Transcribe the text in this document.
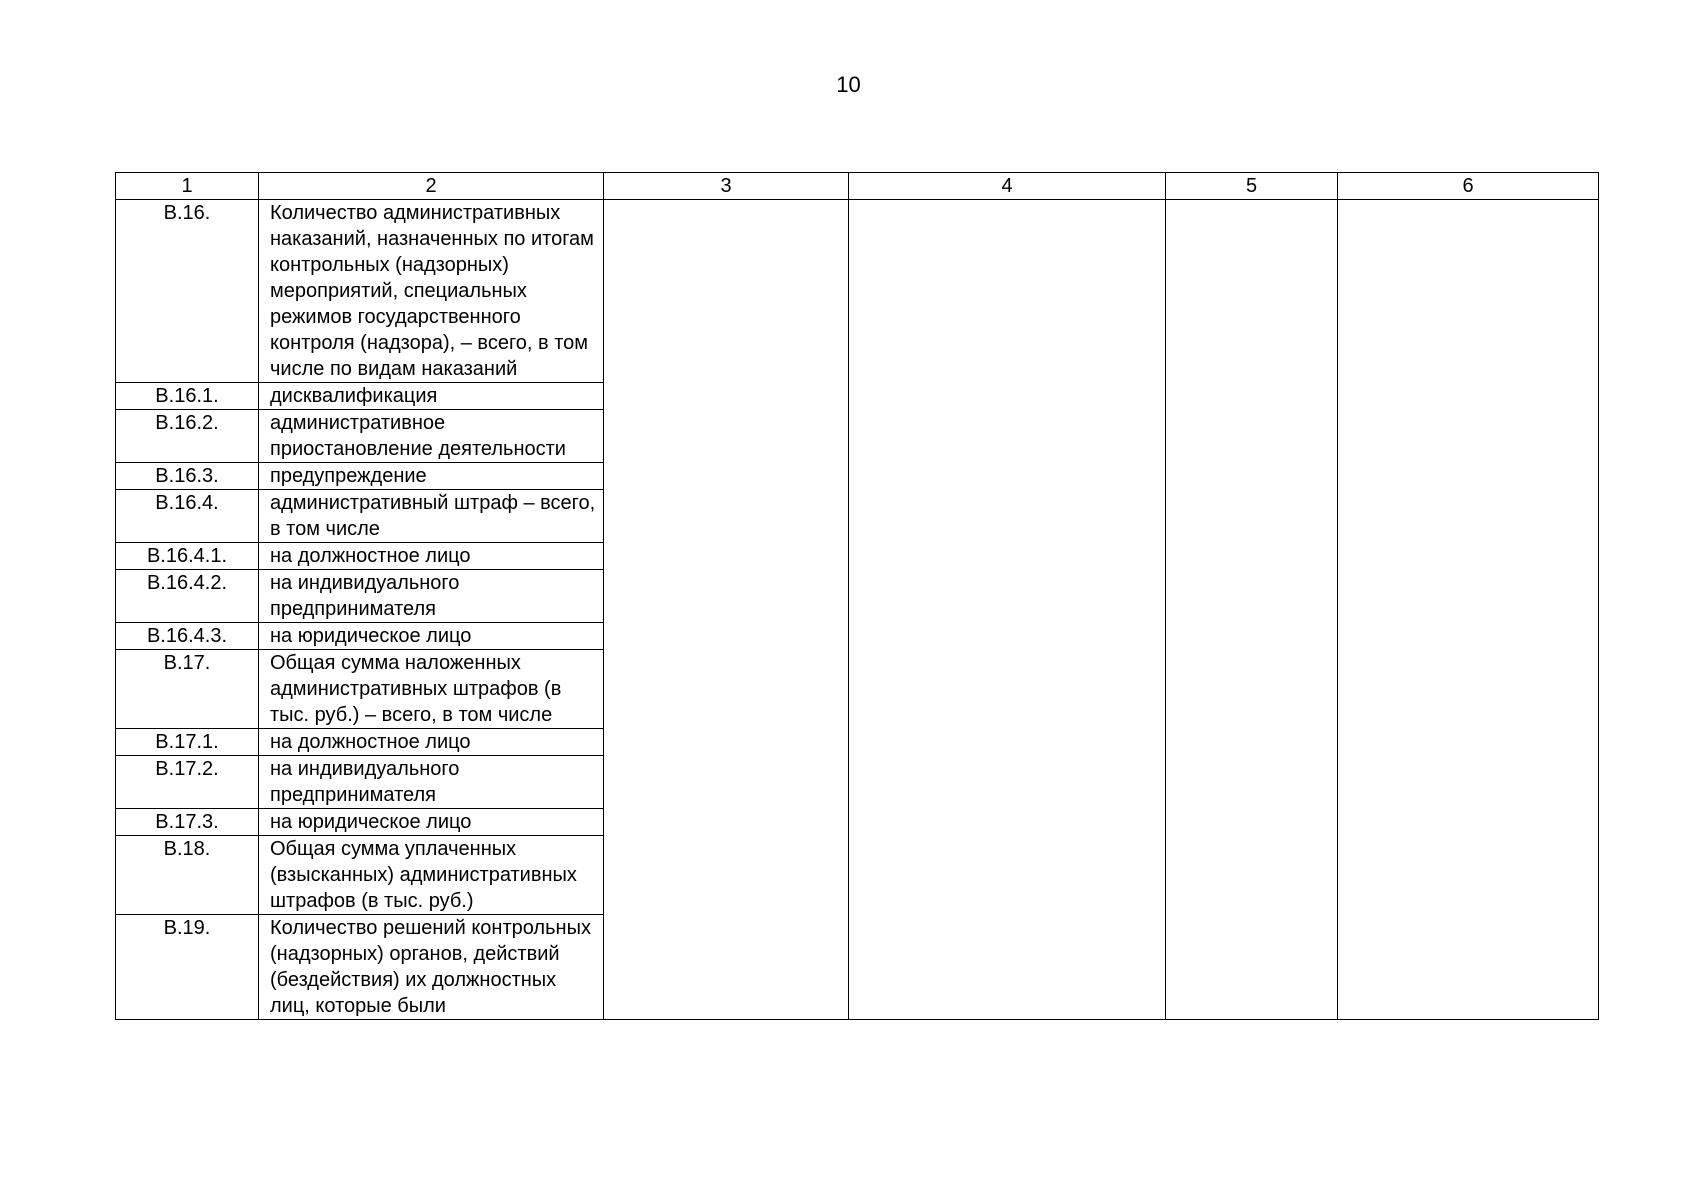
10
1	2	3	4	5	6
В.16.	Количество административных наказаний, назначенных по итогам контрольных (надзорных) мероприятий, специальных режимов государственного контроля (надзора), – всего, в том числе по видам наказаний				
В.16.1.	дисквалификация				
В.16.2.	административное приостановление деятельности				
В.16.3.	предупреждение				
В.16.4.	административный штраф – всего, в том числе				
В.16.4.1.	на должностное лицо				
В.16.4.2.	на индивидуального предпринимателя				
В.16.4.3.	на юридическое лицо				
В.17.	Общая сумма наложенных административных штрафов (в тыс. руб.) – всего, в том числе				
В.17.1.	на должностное лицо				
В.17.2.	на индивидуального предпринимателя				
В.17.3.	на юридическое лицо				
В.18.	Общая сумма уплаченных (взысканных) административных штрафов (в тыс. руб.)				
В.19.	Количество решений контрольных (надзорных) органов, действий (бездействия) их должностных лиц, которые были				
